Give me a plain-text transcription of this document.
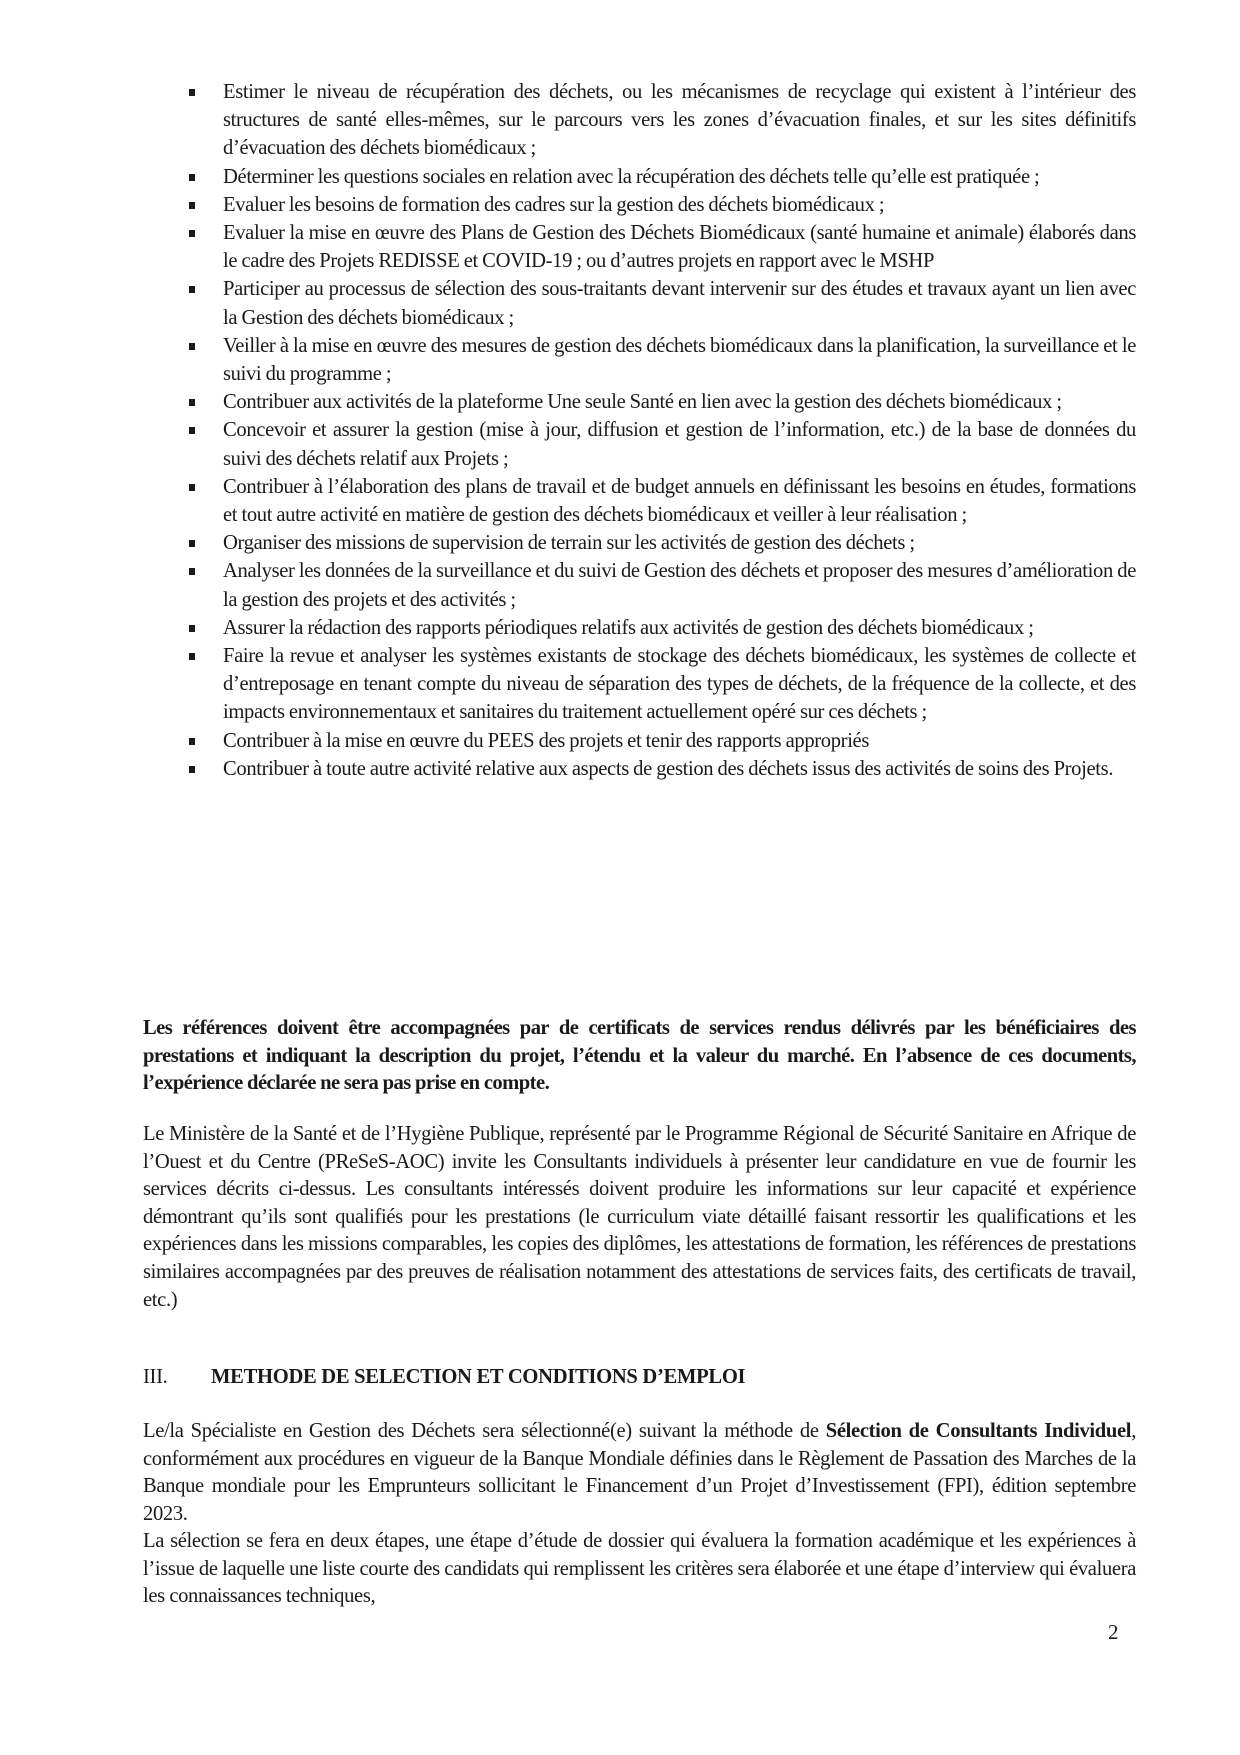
Estimer le niveau de récupération des déchets, ou les mécanismes de recyclage qui existent à l’intérieur des structures de santé elles-mêmes, sur le parcours vers les zones d’évacuation finales, et sur les sites définitifs d’évacuation des déchets biomédicaux ;
Déterminer les questions sociales en relation avec la récupération des déchets telle qu’elle est pratiquée ;
Evaluer les besoins de formation des cadres sur la gestion des déchets biomédicaux ;
Evaluer la mise en œuvre des Plans de Gestion des Déchets Biomédicaux (santé humaine et animale) élaborés dans le cadre des Projets REDISSE et COVID-19 ; ou d’autres projets en rapport avec le MSHP
Participer au processus de sélection des sous-traitants devant intervenir sur des études et travaux ayant un lien avec la Gestion des déchets biomédicaux ;
Veiller à la mise en œuvre des mesures de gestion des déchets biomédicaux dans la planification, la surveillance et le suivi du programme ;
Contribuer aux activités de la plateforme Une seule Santé en lien avec la gestion des déchets biomédicaux ;
Concevoir et assurer la gestion (mise à jour, diffusion et gestion de l’information, etc.) de la base de données du suivi des déchets relatif aux Projets ;
Contribuer à l’élaboration des plans de travail et de budget annuels en définissant les besoins en études, formations et tout autre activité en matière de gestion des déchets biomédicaux et veiller à leur réalisation ;
Organiser des missions de supervision de terrain sur les activités de gestion des déchets ;
Analyser les données de la surveillance et du suivi de Gestion des déchets et proposer des mesures d’amélioration de la gestion des projets et des activités ;
Assurer la rédaction des rapports périodiques relatifs aux activités de gestion des déchets biomédicaux ;
Faire la revue et analyser les systèmes existants de stockage des déchets biomédicaux, les systèmes de collecte et d’entreposage en tenant compte du niveau de séparation des types de déchets, de la fréquence de la collecte, et des impacts environnementaux et sanitaires du traitement actuellement opéré sur ces déchets ;
Contribuer à la mise en œuvre du PEES des projets et tenir des rapports appropriés
Contribuer à toute autre activité relative aux aspects de gestion des déchets issus des activités de soins des Projets.

Les références doivent être accompagnées par de certificats de services rendus délivrés par les bénéficiaires des prestations et indiquant la description du projet, l’étendu et la valeur du marché. En l’absence de ces documents, l’expérience déclarée ne sera pas prise en compte.

Le Ministère de la Santé et de l’Hygiène Publique, représenté par le Programme Régional de Sécurité Sanitaire en Afrique de l’Ouest et du Centre (PReSeS-AOC) invite les Consultants individuels à présenter leur candidature en vue de fournir les services décrits ci-dessus. Les consultants intéressés doivent produire les informations sur leur capacité et expérience démontrant qu’ils sont qualifiés pour les prestations (le curriculum viate détaillé faisant ressortir les qualifications et les expériences dans les missions comparables, les copies des diplômes, les attestations de formation, les références de prestations similaires accompagnées par des preuves de réalisation notamment des attestations de services faits, des certificats de travail, etc.)

III. METHODE DE SELECTION ET CONDITIONS D’EMPLOI

Le/la Spécialiste en Gestion des Déchets sera sélectionné(e) suivant la méthode de Sélection de Consultants Individuel, conformément aux procédures en vigueur de la Banque Mondiale définies dans le Règlement de Passation des Marches de la Banque mondiale pour les Emprunteurs sollicitant le Financement d’un Projet d’Investissement (FPI), édition septembre 2023.

La sélection se fera en deux étapes, une étape d’étude de dossier qui évaluera la formation académique et les expériences à l’issue de laquelle une liste courte des candidats qui remplissent les critères sera élaborée et une étape d’interview qui évaluera les connaissances techniques,

2
